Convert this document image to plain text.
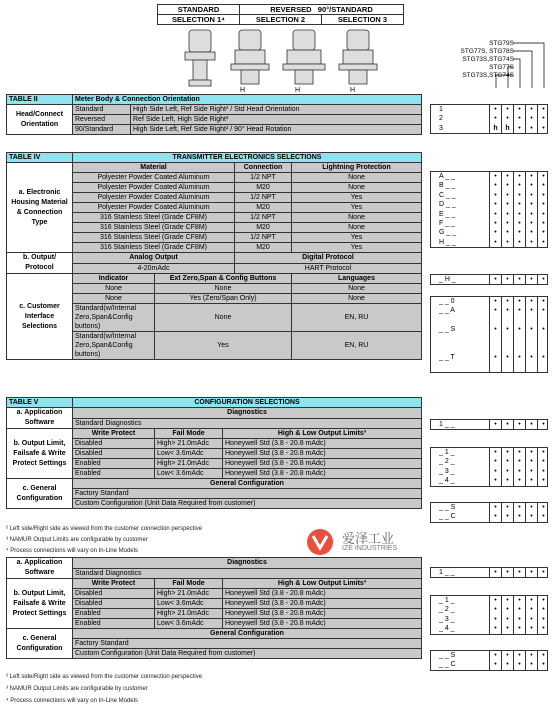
STANDARD	REVERSED 90°/STANDARD	
SELECTION 1⁴	SELECTION 2	SELECTION 3
H	H	H
STG79S
STG77S, STG78S
STG73S,STG74S
STG77S
STG73S,STG74S
TABLE II	Meter Body & Connection Orientation	
Head/Connect Orientation	Standard	High Side Left, Ref Side Right² / Std Head Orientation
	Reversed	Ref Side Left, High Side Right²
	90/Standard	High Side Left, Ref Side Right² / 90° Head Rotation
TABLE IV	TRANSMITTER ELECTRONICS SELECTIONS			
a. Electronic Housing Material & Connection Type	Material		Connection	Lightning Protection
	Polyester Powder Coated Aluminum		1/2 NPT	None
	Polyester Powder Coated Aluminum		M20	None
	Polyester Powder Coated Aluminum		1/2 NPT	Yes
	Polyester Powder Coated Aluminum		M20	Yes
	316 Stainless Steel (Grade CF8M)		1/2 NPT	None
	316 Stainless Steel (Grade CF8M)		M20	None
	316 Stainless Steel (Grade CF8M)		1/2 NPT	Yes
	316 Stainless Steel (Grade CF8M)		M20	Yes
b. Output/ Protocol	Analog Output		Digital Protocol	
	4-20mAdc		HART Protocol	
c. Customer Interface Selections	Indicator	Ext Zero,Span & Config Buttons		Languages
	None	None		None
	None	Yes (Zero/Span Only)		None
	Standard(w/Internal Zero,Span&Config buttons)	None		EN, RU
	Standard(w/Internal Zero,Span&Config buttons)	Yes		EN, RU
TABLE V	CONFIGURATION SELECTIONS		
a. Application Software	Diagnostics		
	Standard Diagnostics		
b. Output Limit, Failsafe & Write Protect Settings	Write Protect	Fail Mode	High & Low Output Limits³
	Disabled	High> 21.0mAdc	Honeywell Std (3.8 - 20.8 mAdc)
	Disabled	Low< 3.6mAdc	Honeywell Std (3.8 - 20.8 mAdc)
	Enabled	High> 21.0mAdc	Honeywell Std (3.8 - 20.8 mAdc)
	Enabled	Low< 3.6mAdc	Honeywell Std (3.8 - 20.8 mAdc)
c. General Configuration	General Configuration		
	Factory Standard		
	Custom Configuration (Unit Data Required from customer)		
² Left side/Right side as viewed from the customer connection perspective
³ NAMUR Output Limits are configurable by customer
⁴ Process connections will vary on In-Line Models
a. Application Software	Diagnostics		
	Standard Diagnostics		
b. Output Limit, Failsafe & Write Protect Settings	Write Protect	Fail Mode	High & Low Output Limits³
	Disabled	High> 21.0mAdc	Honeywell Std (3.8 - 20.8 mAdc)
	Disabled	Low< 3.6mAdc	Honeywell Std (3.8 - 20.8 mAdc)
	Enabled	High> 21.0mAdc	Honeywell Std (3.8 - 20.8 mAdc)
	Enabled	Low< 3.6mAdc	Honeywell Std (3.8 - 20.8 mAdc)
c. General Configuration	General Configuration		
	Factory Standard		
	Custom Configuration (Unit Data Required from customer)		
² Left side/Right side as viewed from the customer connection perspective
³ NAMUR Output Limits are configurable by customer
⁴ Process connections will vary on In-Line Models
爱泽工业
IZE INDUSTRIES
1	•	•	•	•	•
2	•	•	•	•	•
3	h	h	•	•	•
A _ _	•	•	•	•	•
B _ _	•	•	•	•	•
C _ _	•	•	•	•	•
D _ _	•	•	•	•	•
E _ _	•	•	•	•	•
F _ _	•	•	•	•	•
G _ _	•	•	•	•	•
H _ _	•	•	•	•	•
_ H _	•	•	•	•	•
_ _ 0	•	•	•	•	•
_ _ A	•	•	•	•	•
_ _ S	•	•	•	•	•
_ _ T	•	•	•	•	•
1 _ _	•	•	•	•	•
_ 1 _	•	•	•	•	•
_ 2 _	•	•	•	•	•
_ 3 _	•	•	•	•	•
_ 4 _	•	•	•	•	•
_ _ S	•	•	•	•	•
_ _ C	•	•	•	•	•
1 _ _	•	•	•	•	•
_ 1 _	•	•	•	•	•
_ 2 _	•	•	•	•	•
_ 3 _	•	•	•	•	•
_ 4 _	•	•	•	•	•
_ _ S	•	•	•	•	•
_ _ C	•	•	•	•	•
